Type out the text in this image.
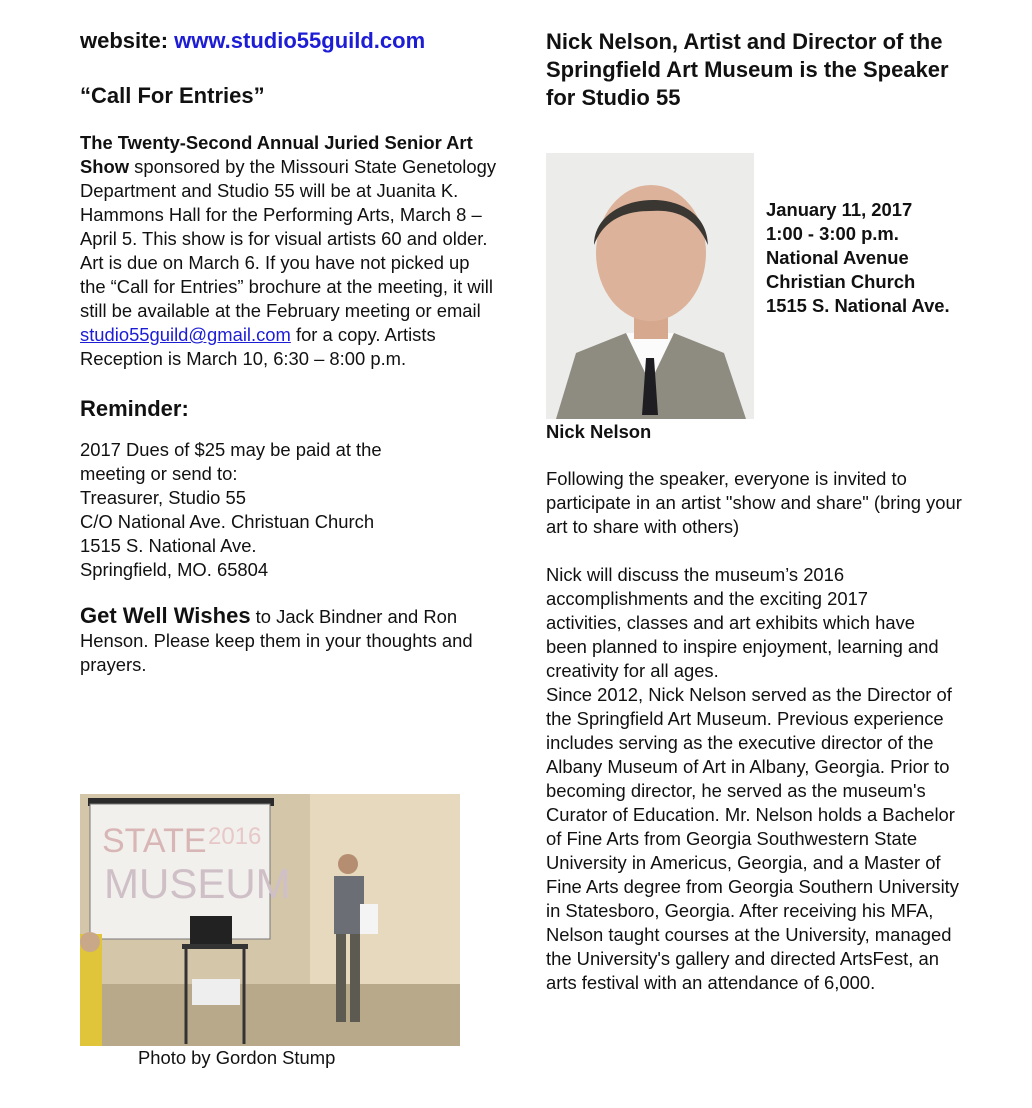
website: www.studio55guild.com

“Call For Entries”

The Twenty-Second Annual Juried Senior Art Show sponsored by the Missouri State Genetology Department and Studio 55 will be at Juanita K. Hammons Hall for the Performing Arts, March 8 – April 5. This show is for visual artists 60 and older. Art is due on March 6. If you have not picked up the “Call for Entries” brochure at the meeting, it will still be available at the February meeting or email studio55guild@gmail.com for a copy. Artists Reception is March 10, 6:30 – 8:00 p.m.

Reminder:

2017 Dues of $25 may be paid at the

meeting or send to:

Treasurer, Studio 55

C/O National Ave. Christuan Church

1515 S. National Ave.

Springfield, MO. 65804

Get Well Wishes to Jack Bindner and Ron Henson. Please keep them in your thoughts and prayers.

STATE 2016
MUSEUM
Photo by Gordon Stump

Nick Nelson, Artist and Director of the Springfield Art Museum is the Speaker for Studio 55

January 11, 2017
1:00 - 3:00 p.m.
National Avenue
Christian Church
1515 S. National Ave.
Nick Nelson

Following the speaker, everyone is invited to participate in an artist "show and share" (bring your art to share with others)

Nick will discuss the museum’s 2016 accomplishments and the exciting 2017 activities, classes and art exhibits which have been planned to inspire enjoyment, learning and creativity for all ages.

Since 2012, Nick Nelson served as the Director of the Springfield Art Museum. Previous experience includes serving as the executive director of the Albany Museum of Art in Albany, Georgia. Prior to becoming director, he served as the museum's Curator of Education. Mr. Nelson holds a Bachelor of Fine Arts from Georgia Southwestern State University in Americus, Georgia, and a Master of Fine Arts degree from Georgia Southern University in Statesboro, Georgia. After receiving his MFA, Nelson taught courses at the University, managed the University's gallery and directed ArtsFest, an arts festival with an attendance of 6,000.
